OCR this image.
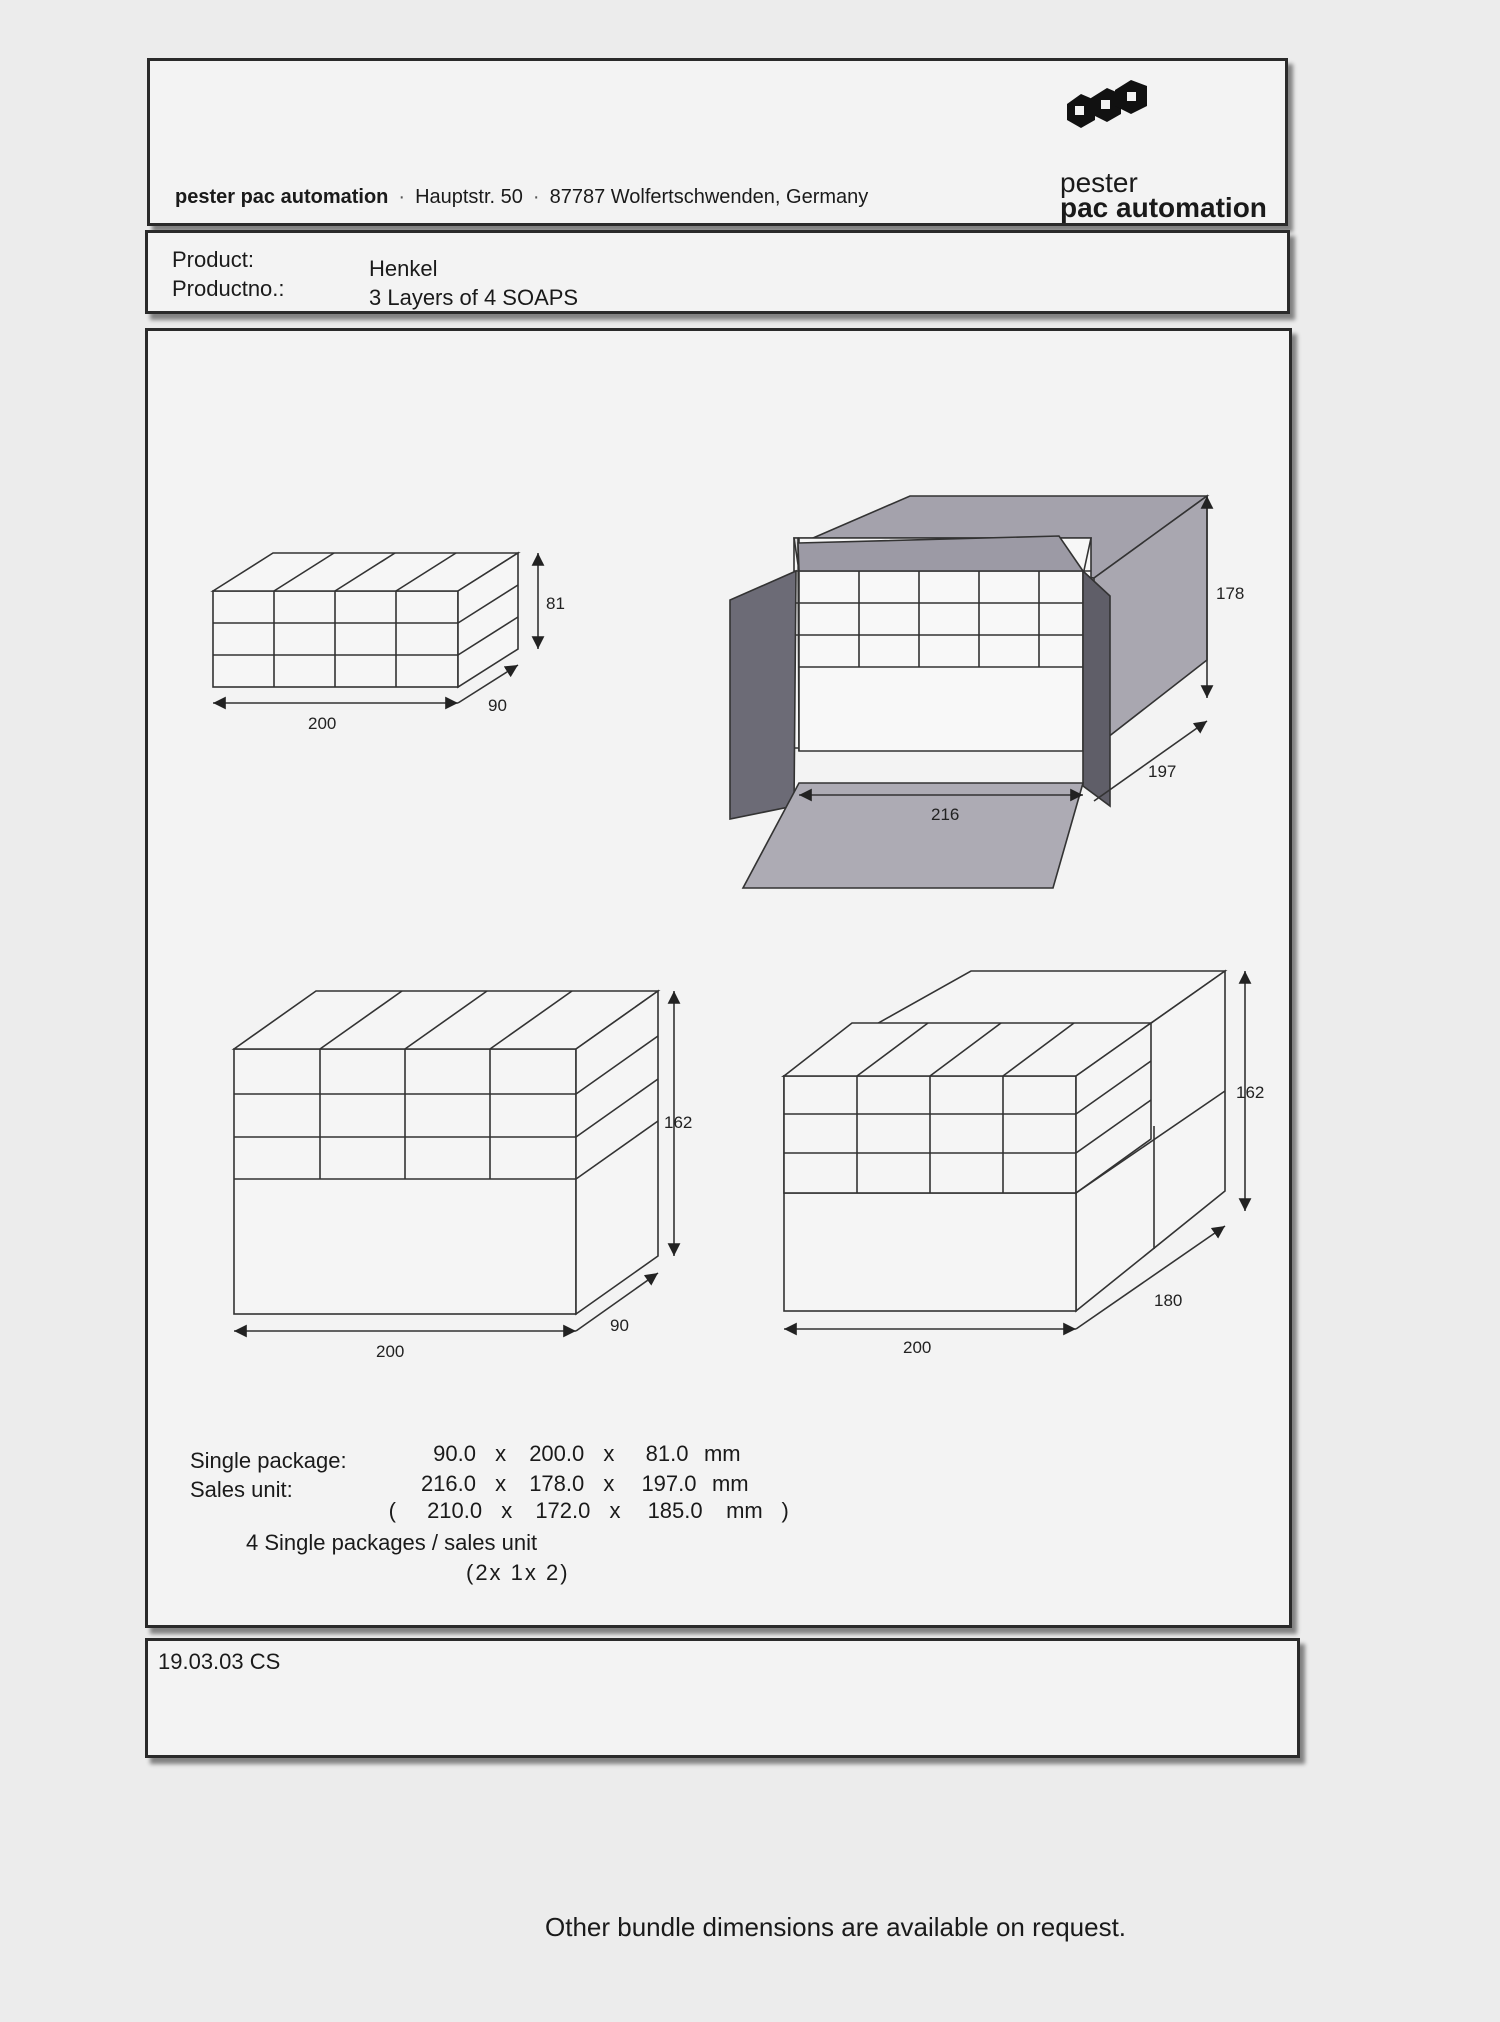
pester pac automation · Hauptstr. 50 · 87787 Wolfertschwenden, Germany	pester
pac automation
Product:
Productno.:
Henkel
3 Layers of 4 SOAPS
200
90
81
216
197
178
200
90
162
200
180
162
Single package:
Sales unit:
90.0 x 200.0 x 81.0 mm
216.0 x 178.0 x 197.0 mm
( 210.0 x 172.0 x 185.0 mm )
4 Single packages / sales unit
(2x 1x 2)
19.03.03 CS
Other bundle dimensions are available on request.
